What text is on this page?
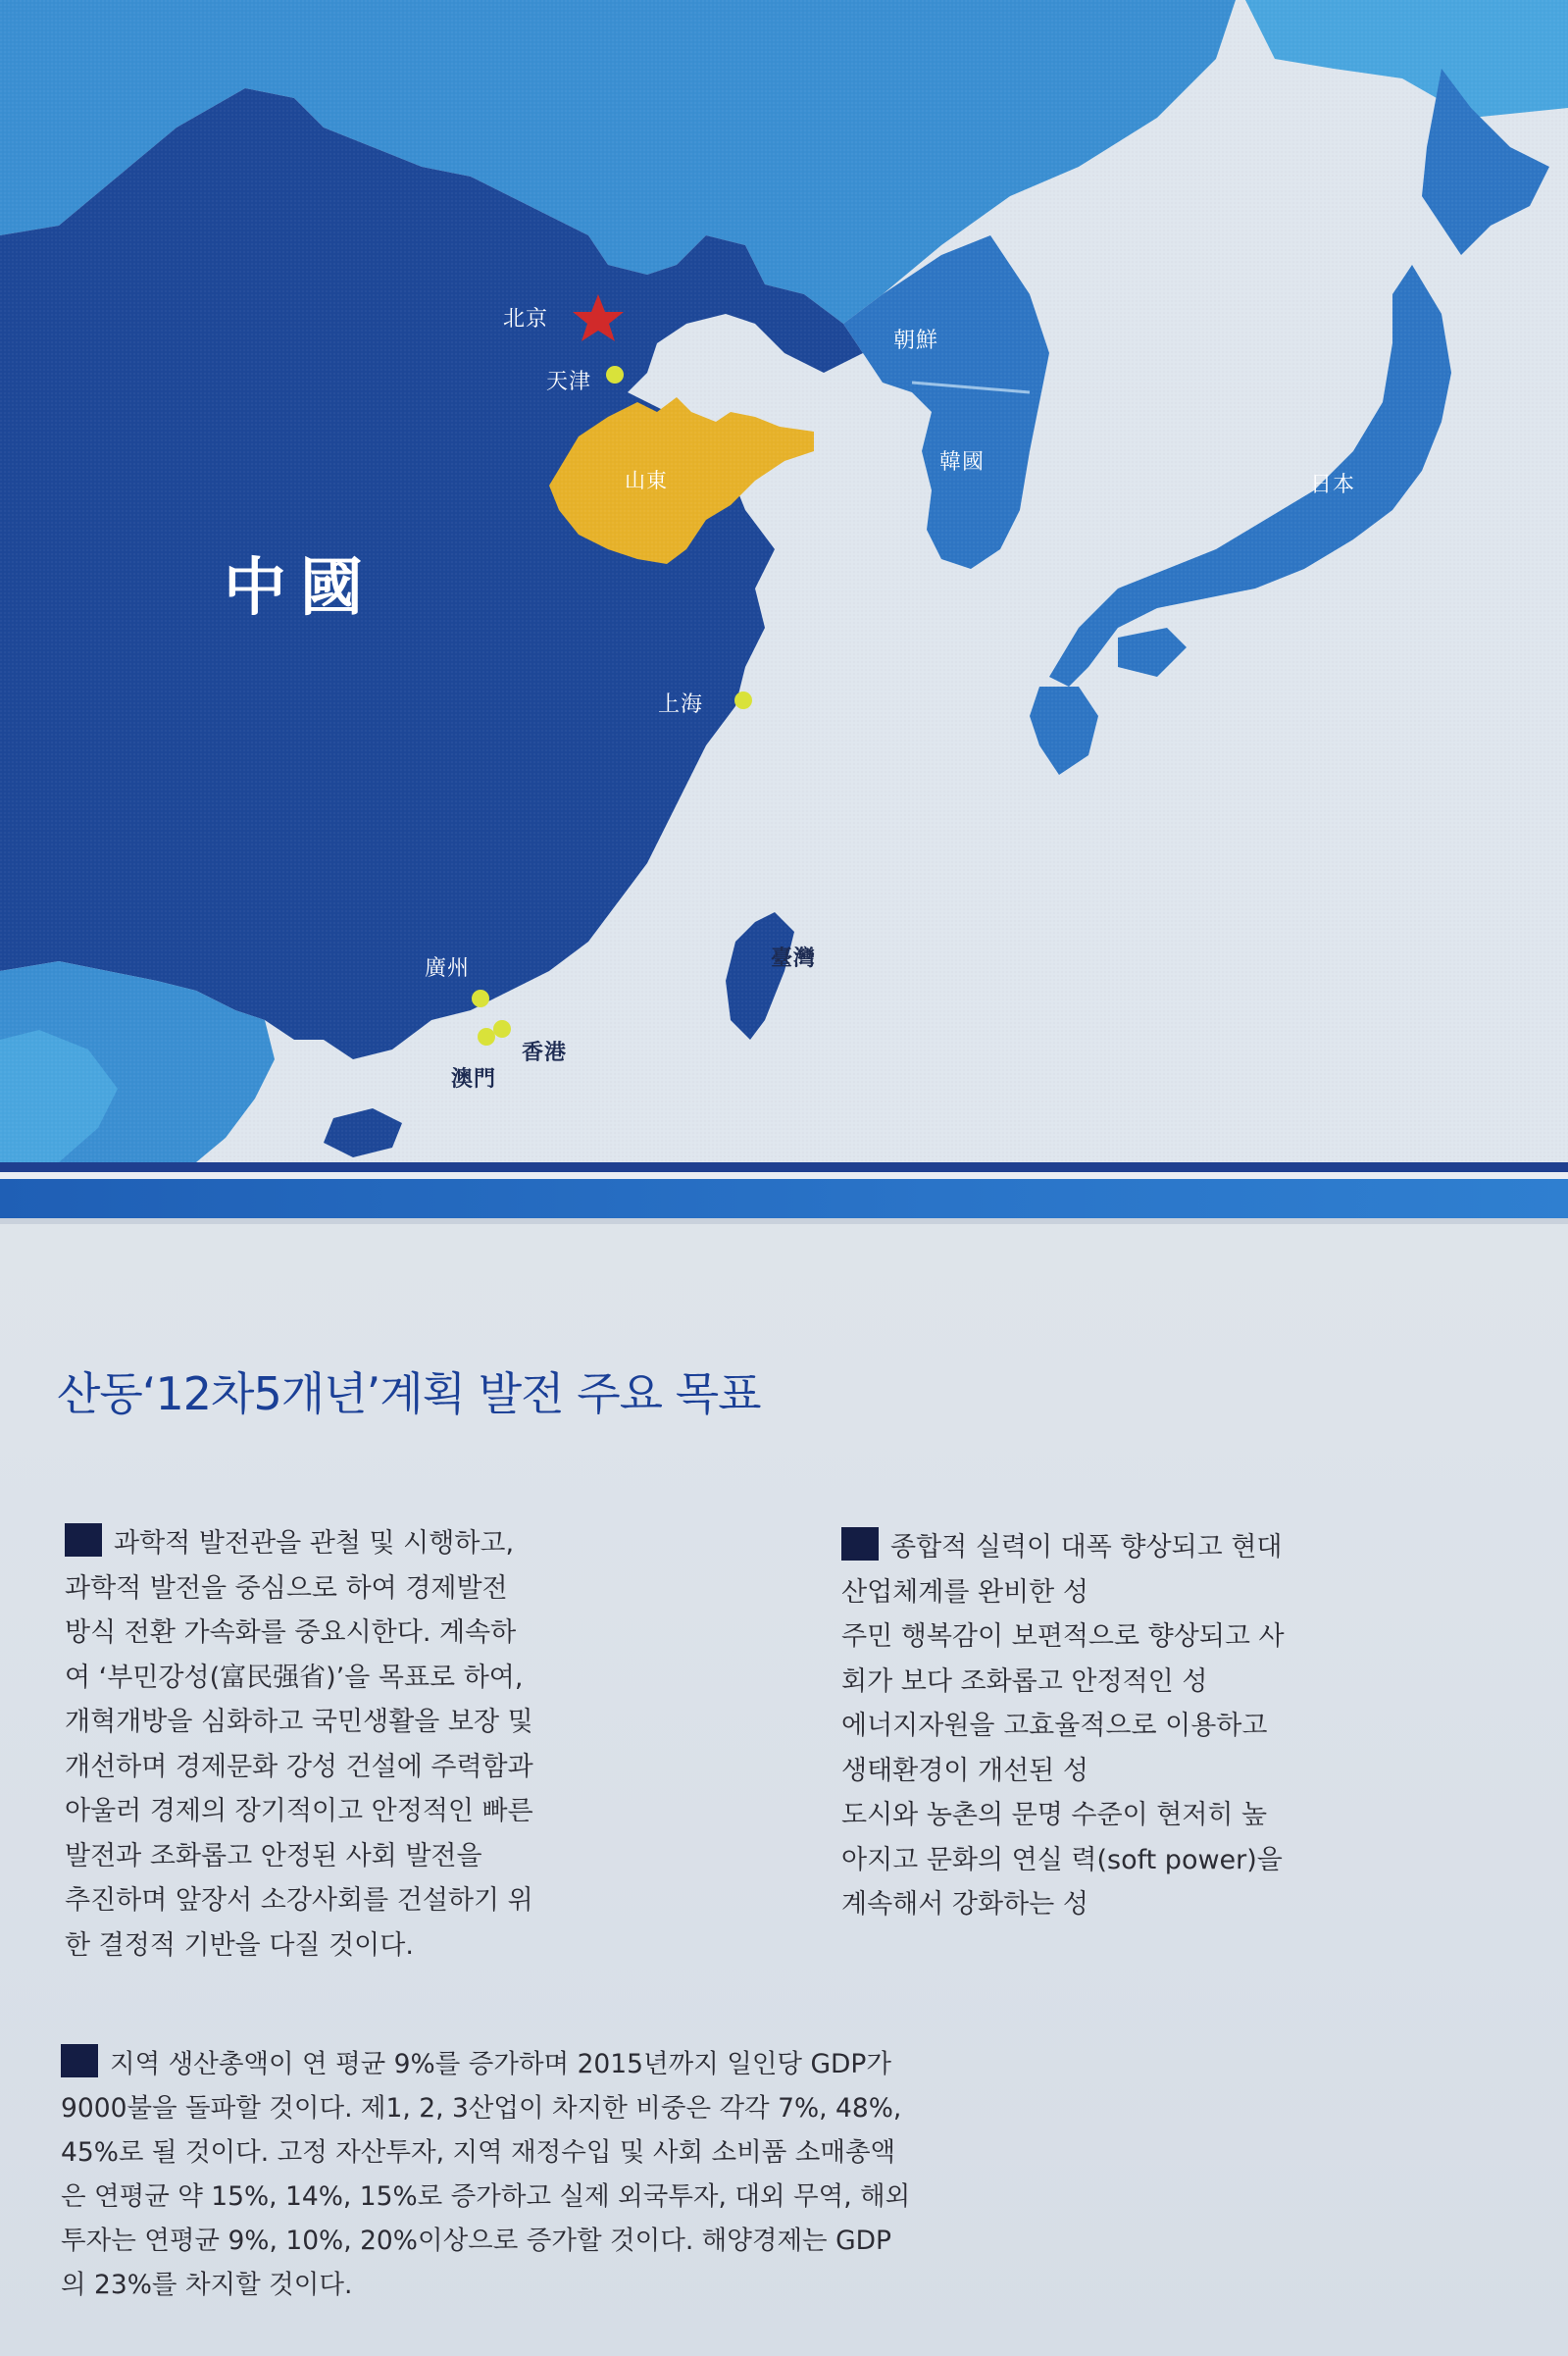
北京
天津
山東
中國
朝鮮
韓國
日本
上海
廣州	臺灣
香港
澳門
산동‘12차5개년’계획 발전 주요 목표

과학적 발전관을 관철 및 시행하고,

과학적 발전을 중심으로 하여 경제발전

방식 전환 가속화를 중요시한다. 계속하

여 ‘부민강성(富民强省)’을 목표로 하여,

개혁개방을 심화하고 국민생활을 보장 및

개선하며 경제문화 강성 건설에 주력함과

아울러 경제의 장기적이고 안정적인 빠른

발전과 조화롭고 안정된 사회 발전을

추진하며 앞장서 소강사회를 건설하기 위

한 결정적 기반을 다질 것이다.

종합적 실력이 대폭 향상되고 현대

산업체계를 완비한 성

주민 행복감이 보편적으로 향상되고 사

회가 보다 조화롭고 안정적인 성

에너지자원을 고효율적으로 이용하고

생태환경이 개선된 성

도시와 농촌의 문명 수준이 현저히 높

아지고 문화의 연실 력(soft power)을

계속해서 강화하는 성

지역 생산총액이 연 평균 9%를 증가하며 2015년까지 일인당 GDP가

9000불을 돌파할 것이다. 제1, 2, 3산업이 차지한 비중은 각각 7%, 48%,

45%로 될 것이다. 고정 자산투자, 지역 재정수입 및 사회 소비품 소매총액

은 연평균 약 15%, 14%, 15%로 증가하고 실제 외국투자, 대외 무역, 해외

투자는 연평균 9%, 10%, 20%이상으로 증가할 것이다. 해양경제는 GDP

의 23%를 차지할 것이다.
